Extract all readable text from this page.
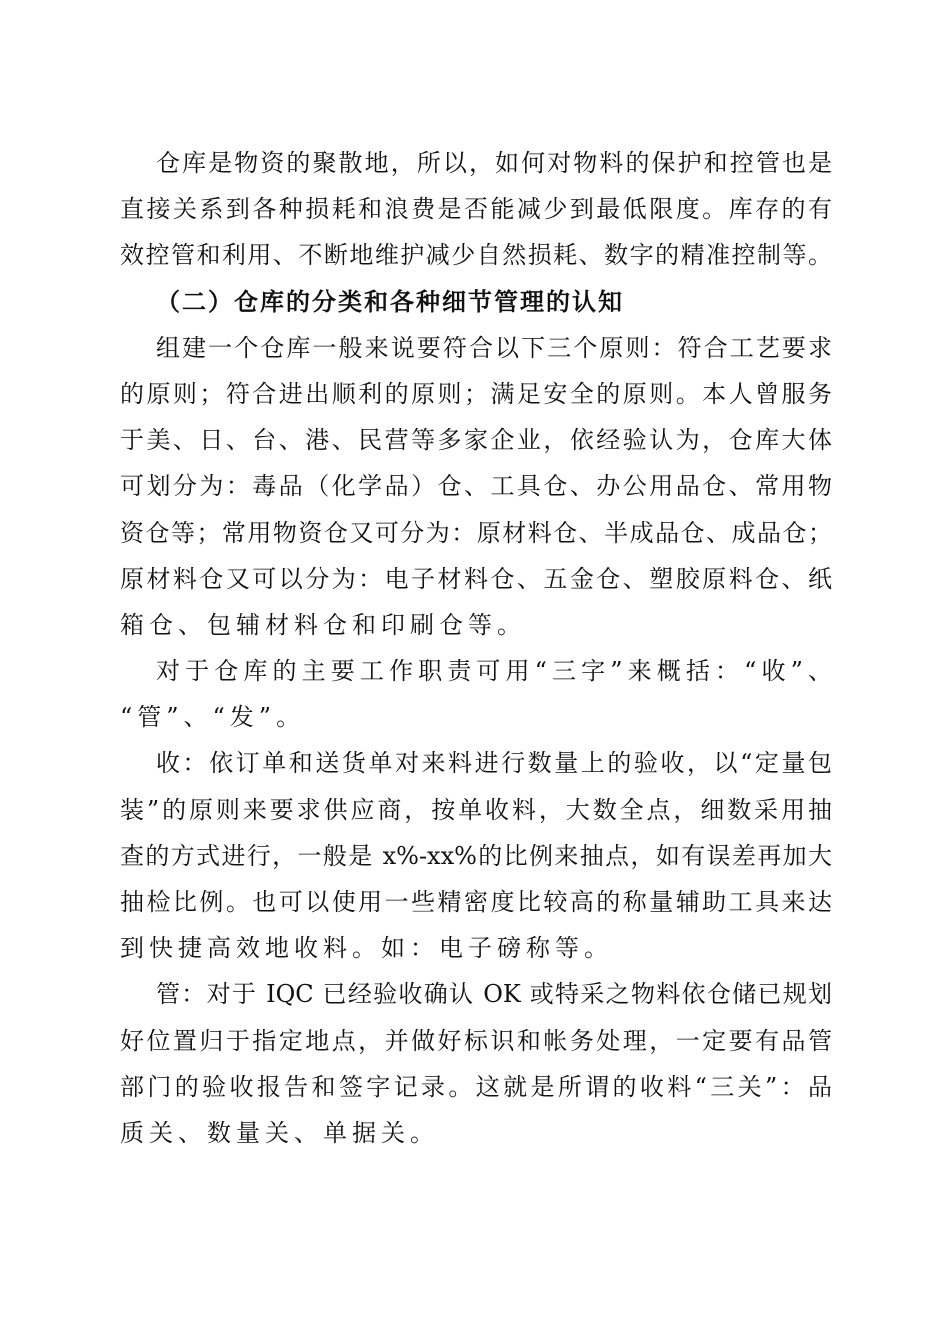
仓库是物资的聚散地，所以，如何对物料的保护和控管也是
直接关系到各种损耗和浪费是否能减少到最低限度。库存的有
效控管和利用、不断地维护减少自然损耗、数字的精准控制等。
（二）仓库的分类和各种细节管理的认知
组建一个仓库一般来说要符合以下三个原则：符合工艺要求
的原则；符合进出顺利的原则；满足安全的原则。本人曾服务
于美、日、台、港、民营等多家企业，依经验认为，仓库大体
可划分为：毒品（化学品）仓、工具仓、办公用品仓、常用物
资仓等；常用物资仓又可分为：原材料仓、半成品仓、成品仓；
原材料仓又可以分为：电子材料仓、五金仓、塑胶原料仓、纸
箱仓、包辅材料仓和印刷仓等。
对于仓库的主要工作职责可用“三字”来概括：“收”、
“管”、“发”。
收：依订单和送货单对来料进行数量上的验收，以“定量包
装”的原则来要求供应商，按单收料，大数全点，细数采用抽
查的方式进行，一般是 x%-xx%的比例来抽点，如有误差再加大
抽检比例。也可以使用一些精密度比较高的称量辅助工具来达
到快捷高效地收料。如：电子磅称等。
管：对于 IQC 已经验收确认 OK 或特采之物料依仓储已规划
好位置归于指定地点，并做好标识和帐务处理，一定要有品管
部门的验收报告和签字记录。这就是所谓的收料“三关”：品
质关、数量关、单据关。
